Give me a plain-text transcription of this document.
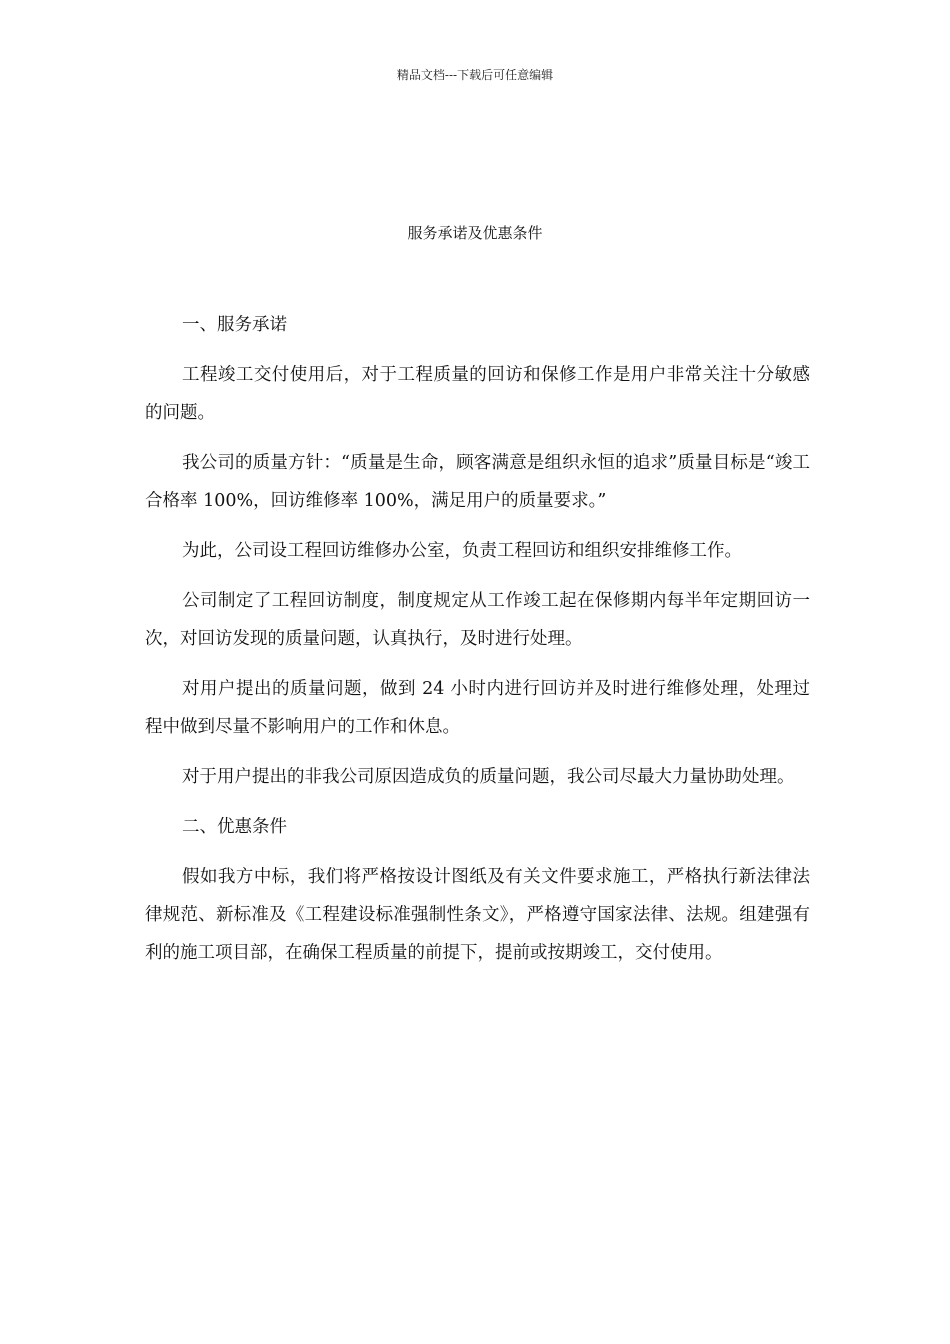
精品文档---下载后可任意编辑
服务承诺及优惠条件

一、服务承诺

工程竣工交付使用后，对于工程质量的回访和保修工作是用户非常关注十分敏感的问题。

我公司的质量方针：“质量是生命，顾客满意是组织永恒的追求”质量目标是“竣工合格率 100%，回访维修率 100%，满足用户的质量要求。”

为此，公司设工程回访维修办公室，负责工程回访和组织安排维修工作。

公司制定了工程回访制度，制度规定从工作竣工起在保修期内每半年定期回访一次，对回访发现的质量问题，认真执行，及时进行处理。

对用户提出的质量问题，做到 24 小时内进行回访并及时进行维修处理，处理过程中做到尽量不影响用户的工作和休息。

对于用户提出的非我公司原因造成负的质量问题，我公司尽最大力量协助处理。

二、优惠条件

假如我方中标，我们将严格按设计图纸及有关文件要求施工，严格执行新法律法律规范、新标准及《工程建设标准强制性条文》，严格遵守国家法律、法规。组建强有利的施工项目部，在确保工程质量的前提下，提前或按期竣工，交付使用。
